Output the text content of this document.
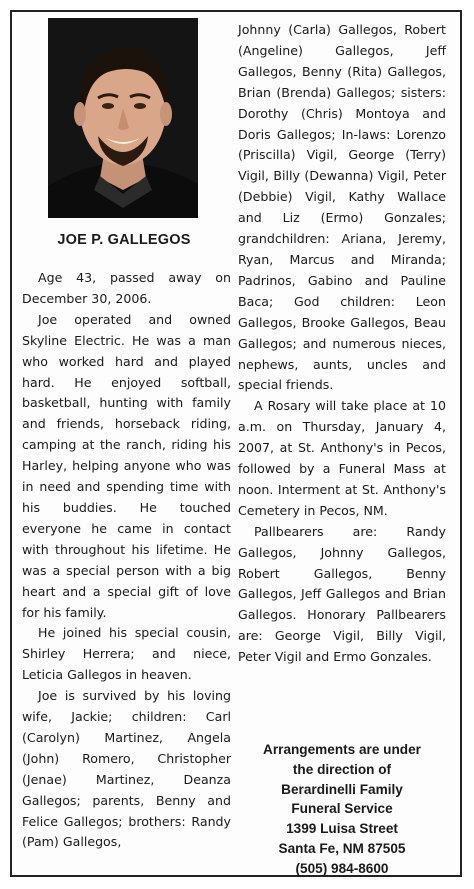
JOE P. GALLEGOS

Age 43, passed away on December 30, 2006.

Joe operated and owned Skyline Electric. He was a man who worked hard and played hard. He enjoyed softball, basketball, hunting with family and friends, horseback riding, camping at the ranch, riding his Harley, helping anyone who was in need and spending time with his buddies. He touched everyone he came in contact with throughout his lifetime. He was a special person with a big heart and a special gift of love for his family.

He joined his special cousin, Shirley Herrera; and niece, Leticia Gallegos in heaven.

Joe is survived by his loving wife, Jackie; children: Carl (Carolyn) Martinez, Angela (John) Romero, Christopher (Jenae) Martinez, Deanza Gallegos; parents, Benny and Felice Gallegos; brothers: Randy (Pam) Gallegos,

Johnny (Carla) Gallegos, Robert (Angeline) Gallegos, Jeff Gallegos, Benny (Rita) Gallegos, Brian (Brenda) Gallegos; sisters: Dorothy (Chris) Montoya and Doris Gallegos; In-laws: Lorenzo (Priscilla) Vigil, George (Terry) Vigil, Billy (Dewanna) Vigil, Peter (Debbie) Vigil, Kathy Wallace and Liz (Ermo) Gonzales; grandchildren: Ariana, Jeremy, Ryan, Marcus and Miranda; Padrinos, Gabino and Pauline Baca; God children: Leon Gallegos, Brooke Gallegos, Beau Gallegos; and numerous nieces, nephews, aunts, uncles and special friends.

A Rosary will take place at 10 a.m. on Thursday, January 4, 2007, at St. Anthony's in Pecos, followed by a Funeral Mass at noon. Interment at St. Anthony's Cemetery in Pecos, NM.

Pallbearers are: Randy Gallegos, Johnny Gallegos, Robert Gallegos, Benny Gallegos, Jeff Gallegos and Brian Gallegos. Honorary Pallbearers are: George Vigil, Billy Vigil, Peter Vigil and Ermo Gonzales.

Arrangements are under
the direction of
Berardinelli Family
Funeral Service
1399 Luisa Street
Santa Fe, NM 87505
(505) 984-8600
